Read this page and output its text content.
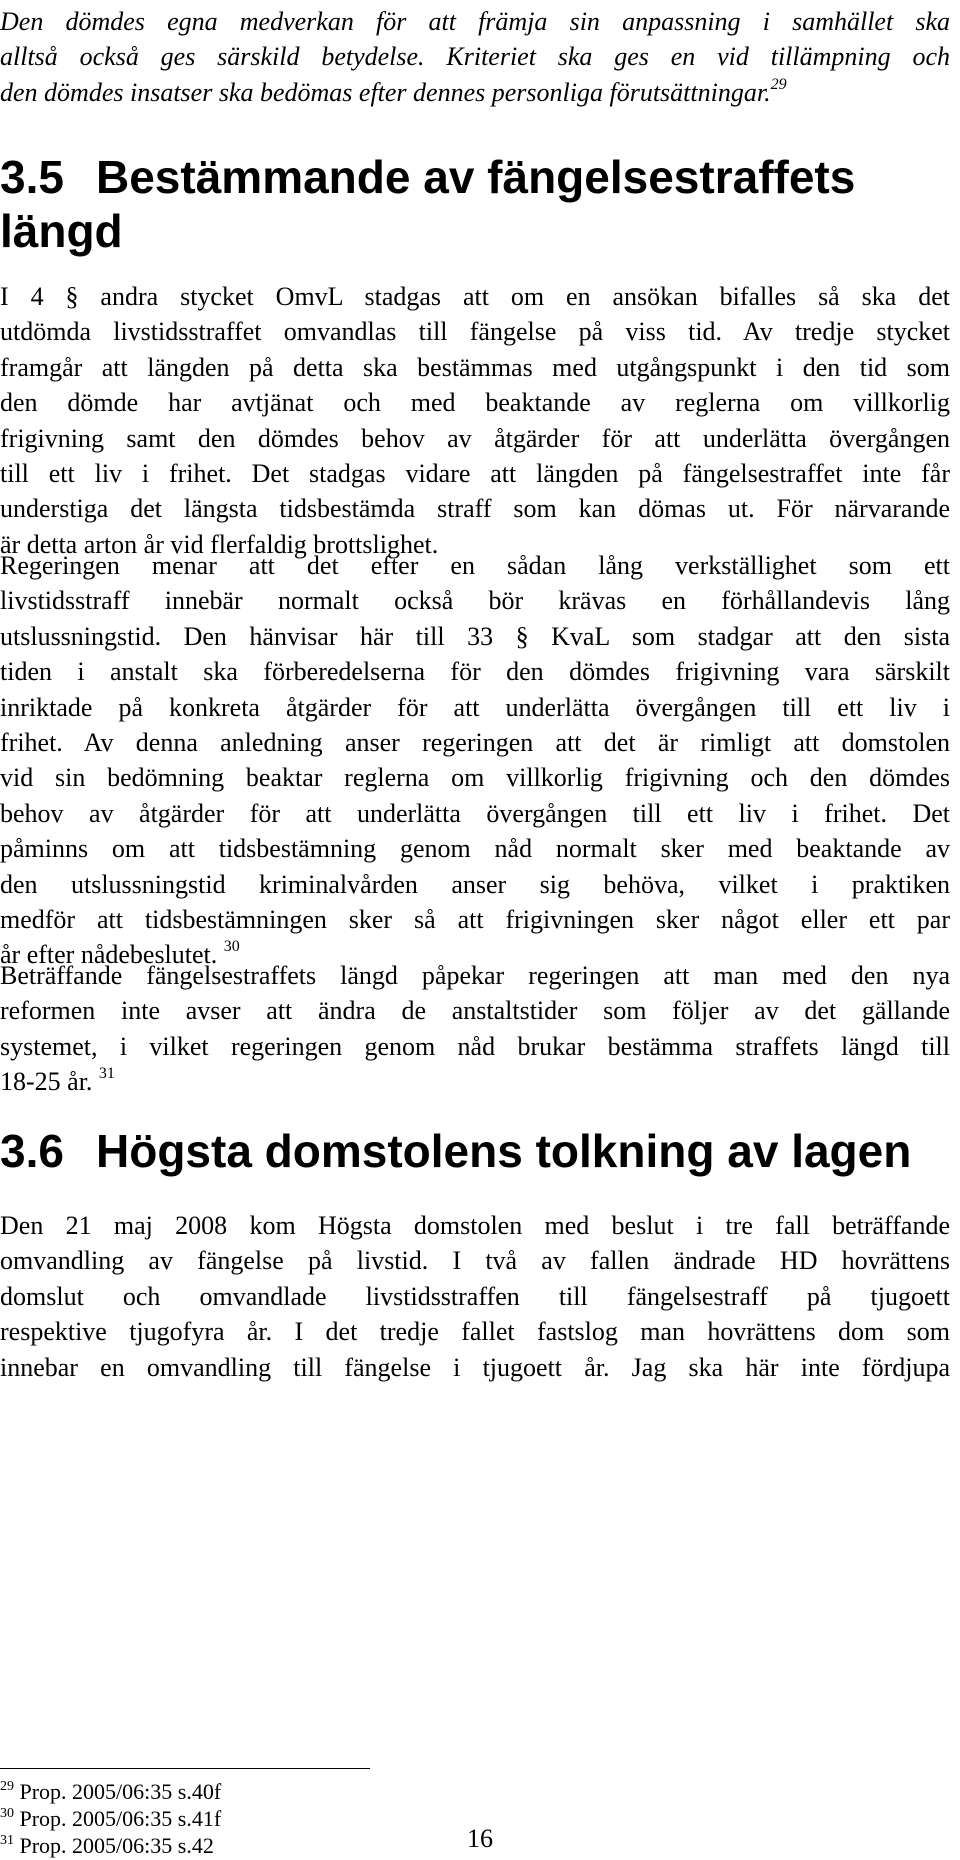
Den dömdes egna medverkan för att främja sin anpassning i samhället ska
alltså också ges särskild betydelse. Kriteriet ska ges en vid tillämpning och
den dömdes insatser ska bedömas efter dennes personliga förutsättningar.$^{29}$

3.5 Bestämmande av fängelsestraffets
längd

I 4 § andra stycket OmvL stadgas att om en ansökan bifalles så ska det
utdömda livstidsstraffet omvandlas till fängelse på viss tid. Av tredje stycket
framgår att längden på detta ska bestämmas med utgångspunkt i den tid som
den dömde har avtjänat och med beaktande av reglerna om villkorlig
frigivning samt den dömdes behov av åtgärder för att underlätta övergången
till ett liv i frihet. Det stadgas vidare att längden på fängelsestraffet inte får
understiga det längsta tidsbestämda straff som kan dömas ut. För närvarande
är detta arton år vid flerfaldig brottslighet.

Regeringen menar att det efter en sådan lång verkställighet som ett
livstidsstraff innebär normalt också bör krävas en förhållandevis lång
utslussningstid. Den hänvisar här till 33 § KvaL som stadgar att den sista
tiden i anstalt ska förberedelserna för den dömdes frigivning vara särskilt
inriktade på konkreta åtgärder för att underlätta övergången till ett liv i
frihet. Av denna anledning anser regeringen att det är rimligt att domstolen
vid sin bedömning beaktar reglerna om villkorlig frigivning och den dömdes
behov av åtgärder för att underlätta övergången till ett liv i frihet. Det
påminns om att tidsbestämning genom nåd normalt sker med beaktande av
den utslussningstid kriminalvården anser sig behöva, vilket i praktiken
medför att tidsbestämningen sker så att frigivningen sker något eller ett par
år efter nådebeslutet. $^{30}$

Beträffande fängelsestraffets längd påpekar regeringen att man med den nya
reformen inte avser att ändra de anstaltstider som följer av det gällande
systemet, i vilket regeringen genom nåd brukar bestämma straffets längd till
18-25 år. $^{31}$

3.6 Högsta domstolens tolkning av lagen

Den 21 maj 2008 kom Högsta domstolen med beslut i tre fall beträffande
omvandling av fängelse på livstid. I två av fallen ändrade HD hovrättens
domslut och omvandlade livstidsstraffen till fängelsestraff på tjugoett
respektive tjugofyra år. I det tredje fallet fastslog man hovrättens dom som
innebar en omvandling till fängelse i tjugoett år. Jag ska här inte fördjupa

$^{29}$ Prop. 2005/06:35 s.40f
$^{30}$ Prop. 2005/06:35 s.41f
$^{31}$ Prop. 2005/06:35 s.42	16
